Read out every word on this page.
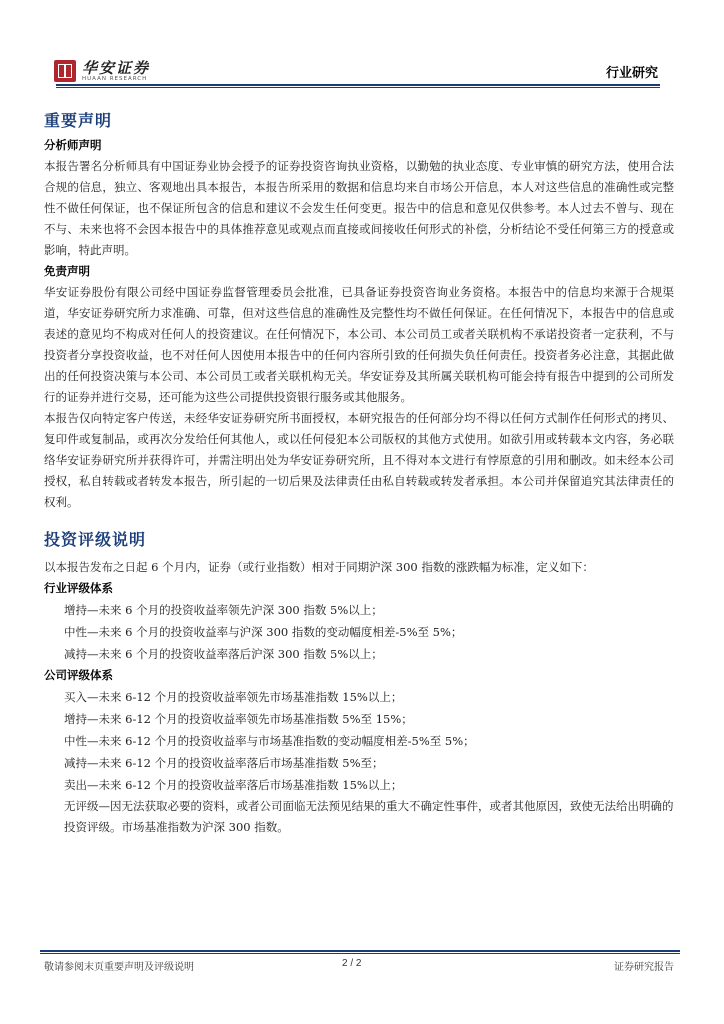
华安证券
HUAAN RESEARCH	行业研究
重要声明
分析师声明

本报告署名分析师具有中国证券业协会授予的证券投资咨询执业资格，以勤勉的执业态度、专业审慎的研究方法，使用合法合规的信息，独立、客观地出具本报告，本报告所采用的数据和信息均来自市场公开信息，本人对这些信息的准确性或完整性不做任何保证，也不保证所包含的信息和建议不会发生任何变更。报告中的信息和意见仅供参考。本人过去不曾与、现在不与、未来也将不会因本报告中的具体推荐意见或观点而直接或间接收任何形式的补偿，分析结论不受任何第三方的授意或影响，特此声明。

免责声明

华安证券股份有限公司经中国证券监督管理委员会批准，已具备证券投资咨询业务资格。本报告中的信息均来源于合规渠道，华安证券研究所力求准确、可靠，但对这些信息的准确性及完整性均不做任何保证。在任何情况下，本报告中的信息或表述的意见均不构成对任何人的投资建议。在任何情况下，本公司、本公司员工或者关联机构不承诺投资者一定获利，不与投资者分享投资收益，也不对任何人因使用本报告中的任何内容所引致的任何损失负任何责任。投资者务必注意，其据此做出的任何投资决策与本公司、本公司员工或者关联机构无关。华安证券及其所属关联机构可能会持有报告中提到的公司所发行的证券并进行交易，还可能为这些公司提供投资银行服务或其他服务。

本报告仅向特定客户传送，未经华安证券研究所书面授权，本研究报告的任何部分均不得以任何方式制作任何形式的拷贝、复印件或复制品，或再次分发给任何其他人，或以任何侵犯本公司版权的其他方式使用。如欲引用或转载本文内容，务必联络华安证券研究所并获得许可，并需注明出处为华安证券研究所，且不得对本文进行有悖原意的引用和删改。如未经本公司授权，私自转载或者转发本报告，所引起的一切后果及法律责任由私自转载或转发者承担。本公司并保留追究其法律责任的权利。

投资评级说明

以本报告发布之日起 6 个月内，证券（或行业指数）相对于同期沪深 300 指数的涨跌幅为标准，定义如下：

行业评级体系

增持—未来 6 个月的投资收益率领先沪深 300 指数 5%以上；

中性—未来 6 个月的投资收益率与沪深 300 指数的变动幅度相差-5%至 5%；

减持—未来 6 个月的投资收益率落后沪深 300 指数 5%以上；

公司评级体系

买入—未来 6-12 个月的投资收益率领先市场基准指数 15%以上；

增持—未来 6-12 个月的投资收益率领先市场基准指数 5%至 15%；

中性—未来 6-12 个月的投资收益率与市场基准指数的变动幅度相差-5%至 5%；

减持—未来 6-12 个月的投资收益率落后市场基准指数 5%至；

卖出—未来 6-12 个月的投资收益率落后市场基准指数 15%以上；

无评级—因无法获取必要的资料，或者公司面临无法预见结果的重大不确定性事件，或者其他原因，致使无法给出明确的投资评级。市场基准指数为沪深 300 指数。

敬请参阅末页重要声明及评级说明	2 / 2	证券研究报告
